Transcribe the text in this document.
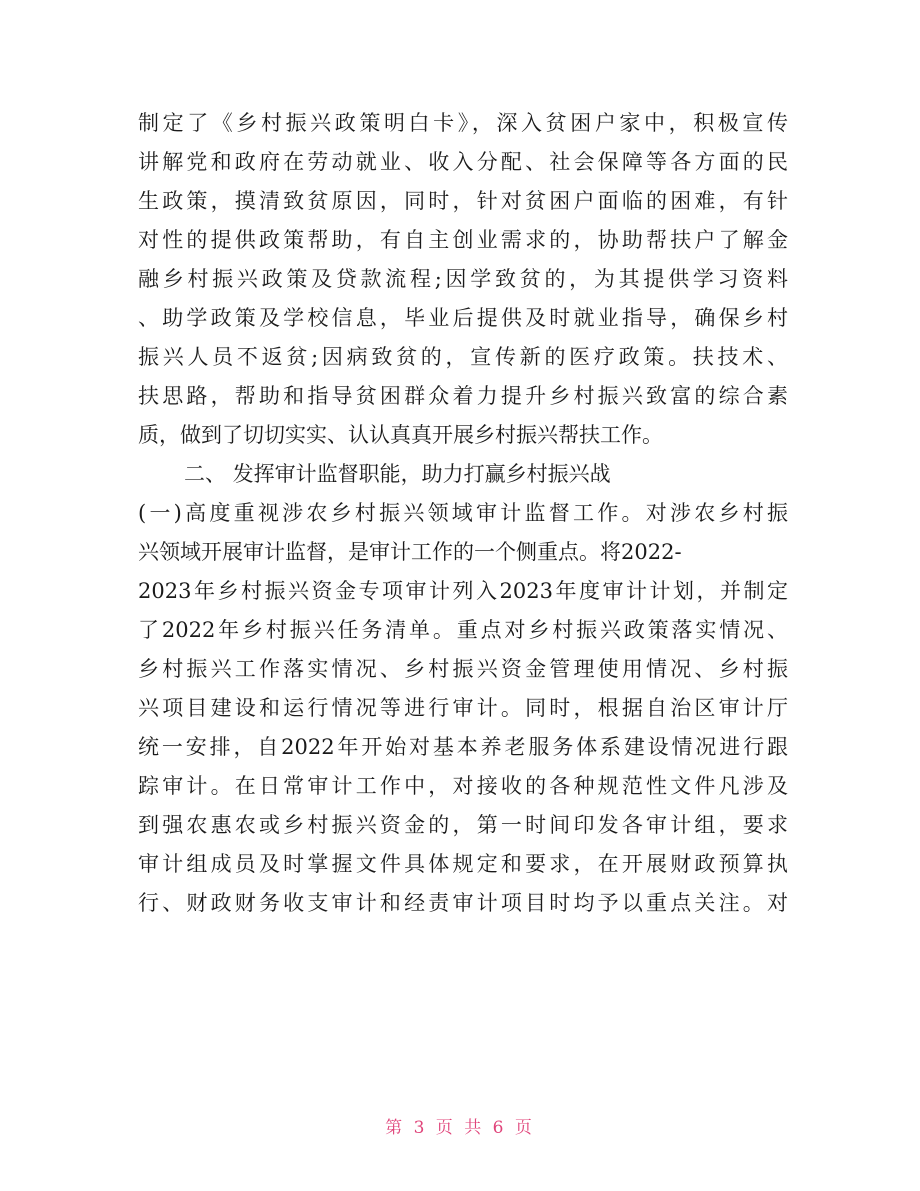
制定了《乡村振兴政策明白卡》，深入贫困户家中，积极宣传
讲解党和政府在劳动就业、收入分配、社会保障等各方面的民
生政策，摸清致贫原因，同时，针对贫困户面临的困难，有针
对性的提供政策帮助，有自主创业需求的，协助帮扶户了解金
融乡村振兴政策及贷款流程;因学致贫的，为其提供学习资料
、助学政策及学校信息，毕业后提供及时就业指导，确保乡村
振兴人员不返贫;因病致贫的，宣传新的医疗政策。扶技术、
扶思路，帮助和指导贫困群众着力提升乡村振兴致富的综合素
质，做到了切切实实、认认真真开展乡村振兴帮扶工作。
二、 发挥审计监督职能，助力打赢乡村振兴战
(一)高度重视涉农乡村振兴领域审计监督工作。对涉农乡村振
兴领域开展审计监督，是审计工作的一个侧重点。将2022-
2023年乡村振兴资金专项审计列入2023年度审计计划，并制定
了2022年乡村振兴任务清单。重点对乡村振兴政策落实情况、
乡村振兴工作落实情况、乡村振兴资金管理使用情况、乡村振
兴项目建设和运行情况等进行审计。同时，根据自治区审计厅
统一安排，自2022年开始对基本养老服务体系建设情况进行跟
踪审计。在日常审计工作中，对接收的各种规范性文件凡涉及
到强农惠农或乡村振兴资金的，第一时间印发各审计组，要求
审计组成员及时掌握文件具体规定和要求，在开展财政预算执
行、财政财务收支审计和经责审计项目时均予以重点关注。对
第 3 页 共 6 页
